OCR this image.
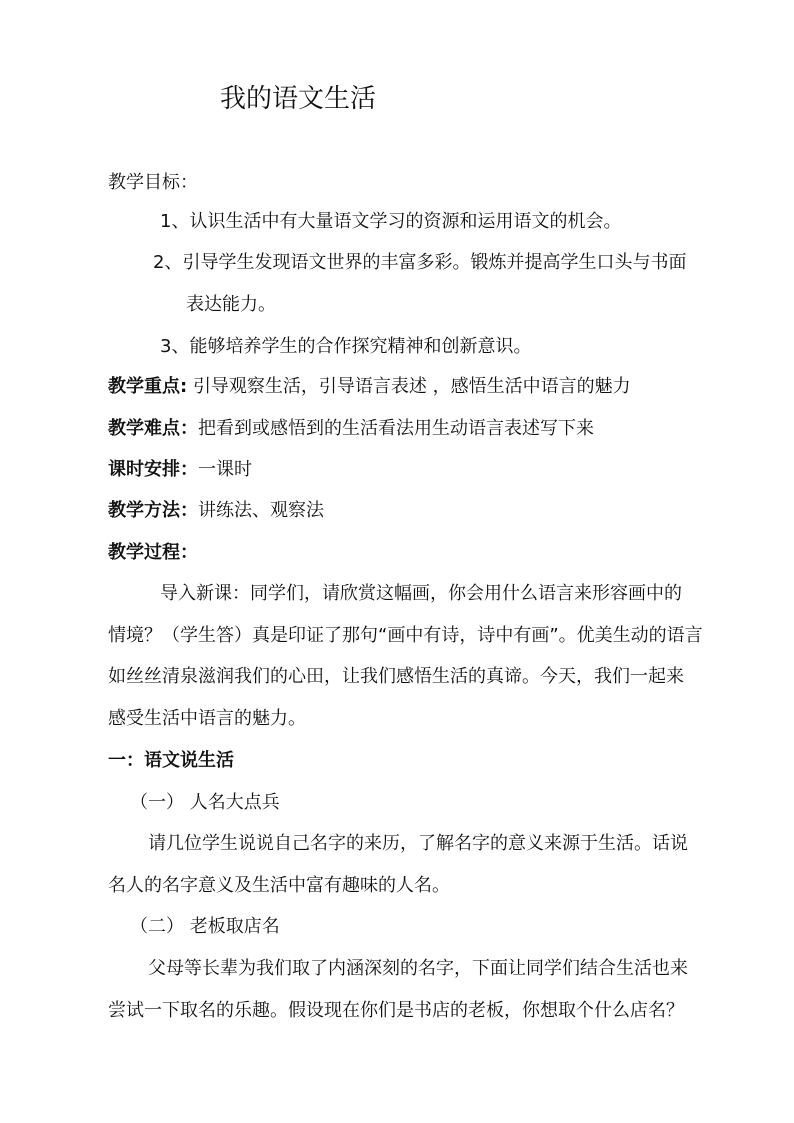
我的语文生活
教学目标：
1、认识生活中有大量语文学习的资源和运用语文的机会。
2、引导学生发现语文世界的丰富多彩。锻炼并提高学生口头与书面
表达能力。
3、能够培养学生的合作探究精神和创新意识。
教学重点: 引导观察生活，引导语言表述 ，感悟生活中语言的魅力
教学难点：把看到或感悟到的生活看法用生动语言表述写下来
课时安排：一课时
教学方法：讲练法、观察法
教学过程：
导入新课：同学们，请欣赏这幅画，你会用什么语言来形容画中的
情境？（学生答）真是印证了那句“画中有诗，诗中有画”。优美生动的语言
如丝丝清泉滋润我们的心田，让我们感悟生活的真谛。今天，我们一起来
感受生活中语言的魅力。
一：语文说生活
（一） 人名大点兵
请几位学生说说自己名字的来历，了解名字的意义来源于生活。话说
名人的名字意义及生活中富有趣味的人名。
（二） 老板取店名
父母等长辈为我们取了内涵深刻的名字，下面让同学们结合生活也来
尝试一下取名的乐趣。假设现在你们是书店的老板，你想取个什么店名？
